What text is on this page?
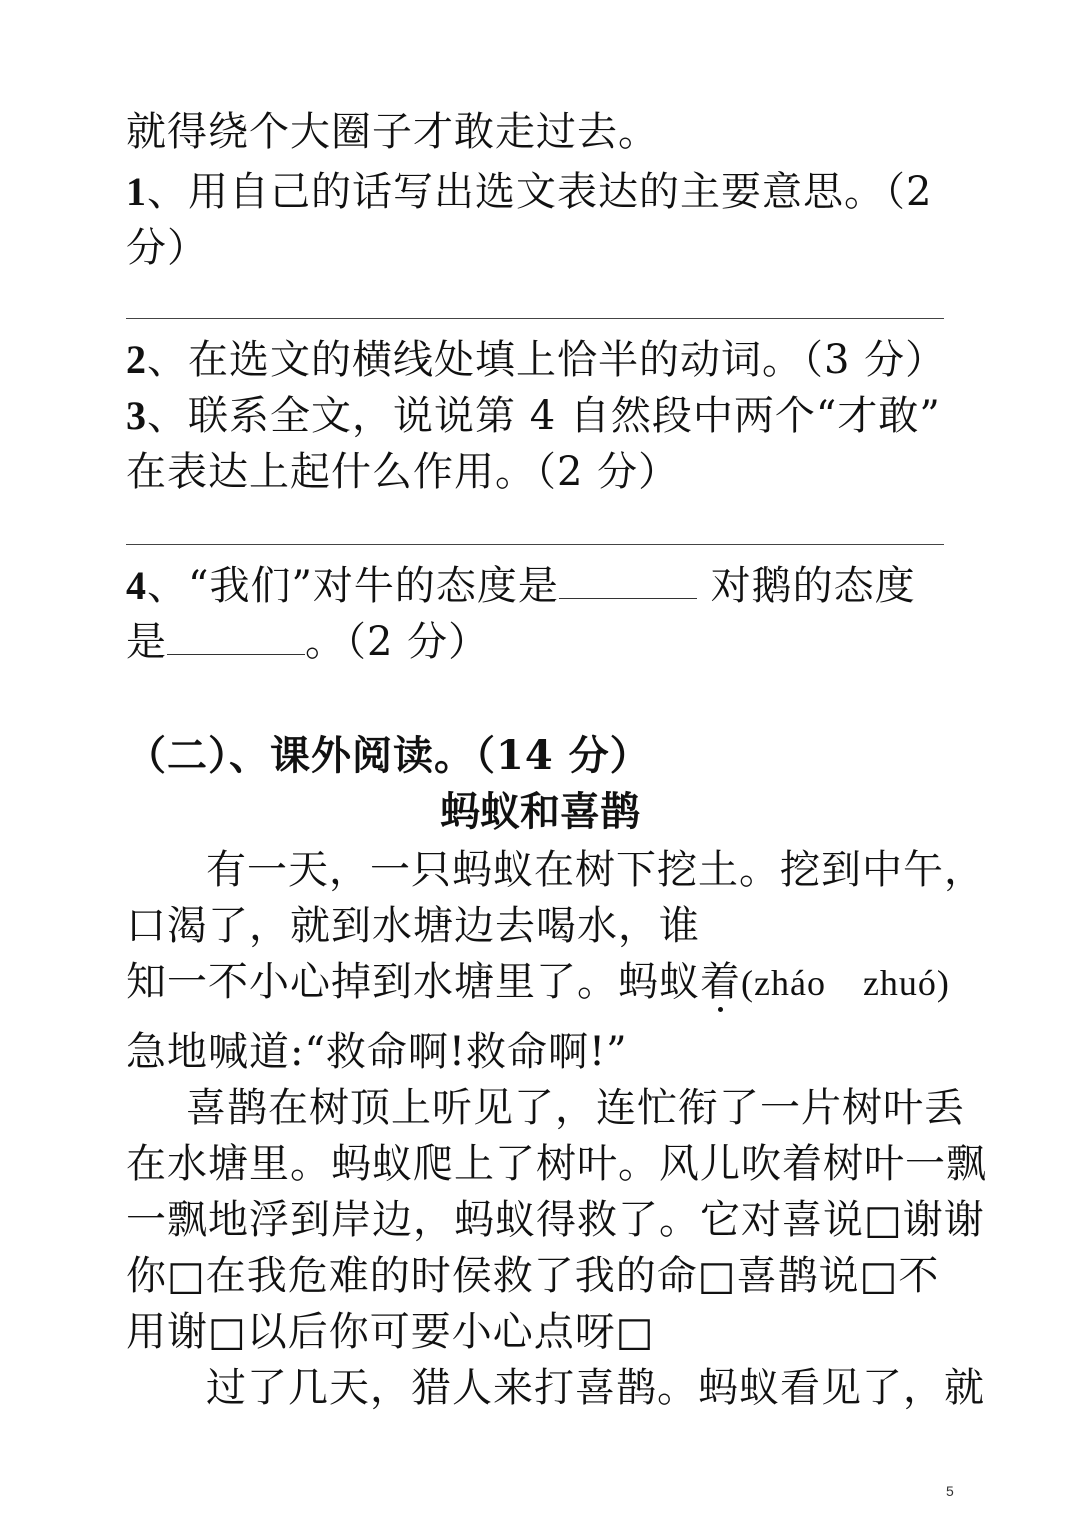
就得绕个大圈子才敢走过去。
1、用自己的话写出选文表达的主要意思。（2
分）
2、在选文的横线处填上恰半的动词。（3 分）
3、联系全文，说说第 4 自然段中两个“才敢”
在表达上起什么作用。（2 分）
4、“我们”对牛的态度是	对鹅的态度
是	。（2 分）
（二）、课外阅读。（14 分）
蚂蚁和喜鹊
有一天，一只蚂蚁在树下挖土。挖到中午，
口渴了，就到水塘边去喝水，谁
知一不小心掉到水塘里了。蚂蚁着(zháo　zhuó)
急地喊道:“救命啊!救命啊!”
喜鹊在树顶上听见了，连忙衔了一片树叶丢
在水塘里。蚂蚁爬上了树叶。风儿吹着树叶一飘
一飘地浮到岸边，蚂蚁得救了。它对喜说□谢谢
你□在我危难的时侯救了我的命□喜鹊说□不
用谢□以后你可要小心点呀□
过了几天，猎人来打喜鹊。蚂蚁看见了，就
5
